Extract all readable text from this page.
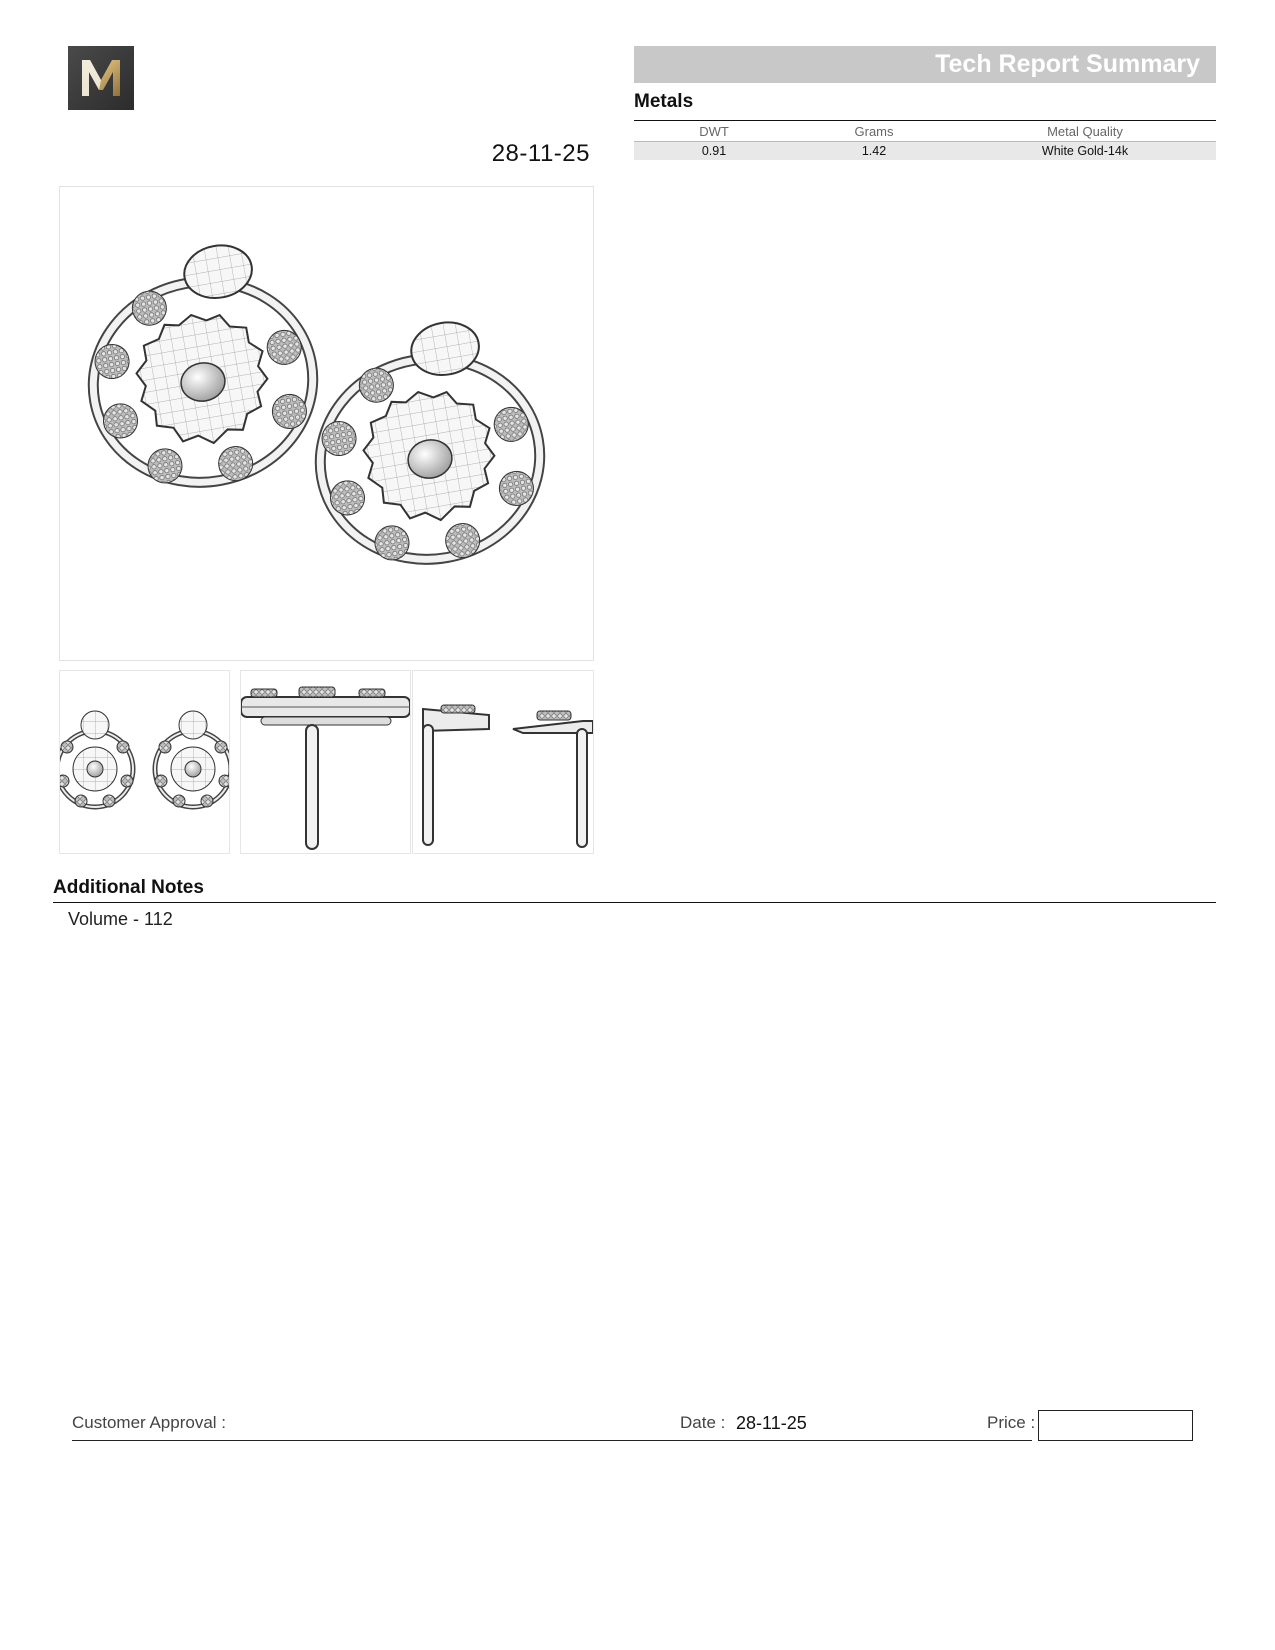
28-11-25
Tech Report Summary
Metals
DWT	Grams	Metal Quality
0.91	1.42	White Gold-14k
Additional Notes
Volume - 112
Customer Approval :	Date : 28-11-25	Price :
